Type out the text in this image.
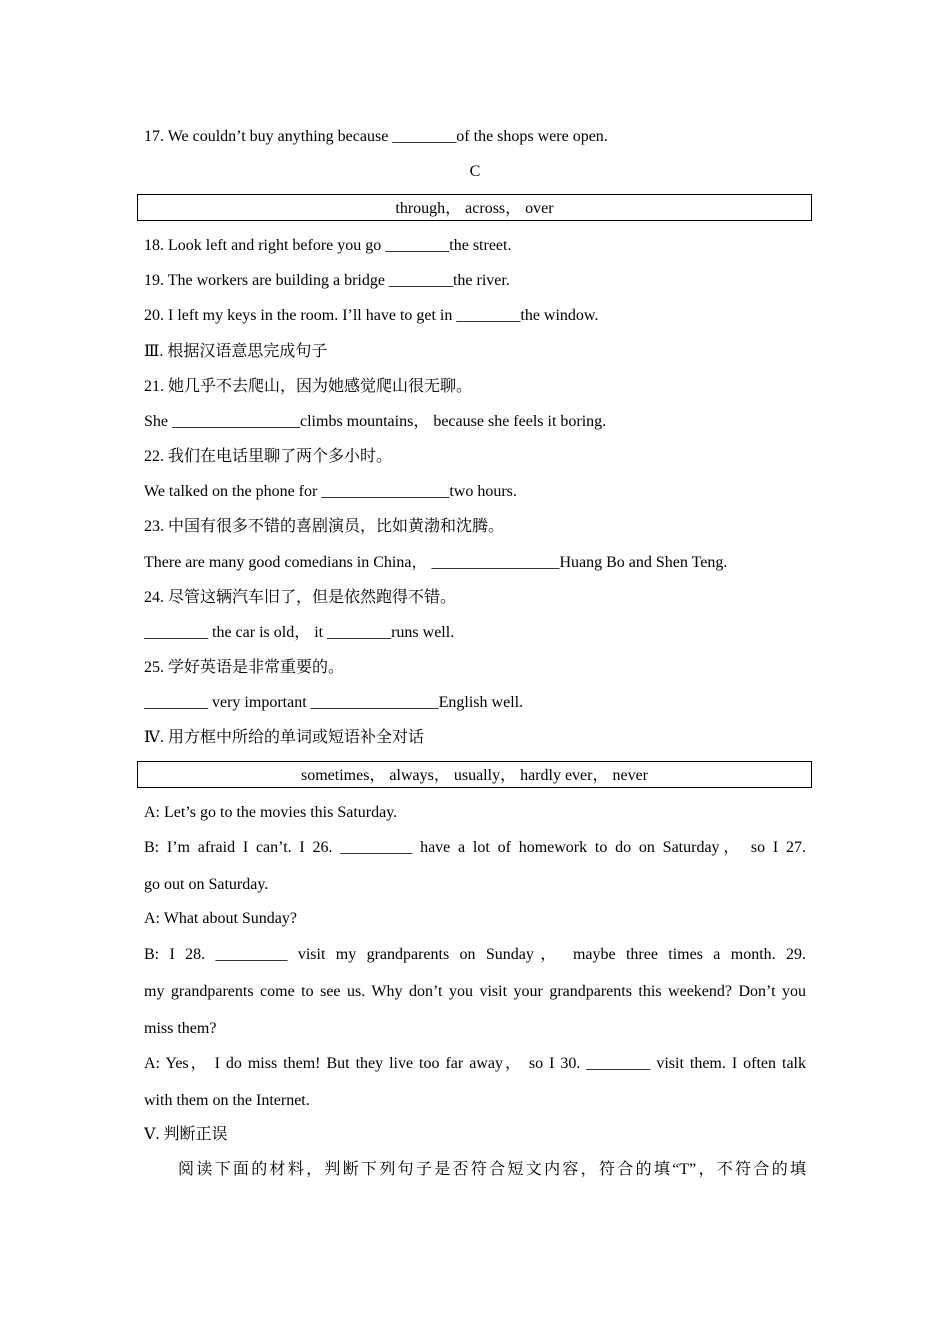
17. We couldn’t buy anything because ________of the shops were open.
C
through， across， over
18. Look left and right before you go ________the street.
19. The workers are building a bridge ________the river.
20. I left my keys in the room. I’ll have to get in ________the window.
Ⅲ. 根据汉语意思完成句子
21. 她几乎不去爬山，因为她感觉爬山很无聊。
She ________________climbs mountains， because she feels it boring.
22. 我们在电话里聊了两个多小时。
We talked on the phone for ________________two hours.
23. 中国有很多不错的喜剧演员，比如黄渤和沈腾。
There are many good comedians in China， ________________Huang Bo and Shen Teng.
24. 尽管这辆汽车旧了，但是依然跑得不错。
________ the car is old， it ________runs well.
25. 学好英语是非常重要的。
________ very important ________________English well.
Ⅳ. 用方框中所给的单词或短语补全对话
sometimes， always， usually， hardly ever， never
A: Let’s go to the movies this Saturday.
B: I’m afraid I can’t. I 26. _________ have a lot of homework to do on Saturday， so I 27.
go out on Saturday.
A: What about Sunday?
B: I 28. _________ visit my grandparents on Sunday， maybe three times a month. 29.
my grandparents come to see us. Why don’t you visit your grandparents this weekend? Don’t you
miss them?
A: Yes， I do miss them! But they live too far away， so I 30. ________ visit them. I often talk
with them on the Internet.
Ⅴ. 判断正误
阅读下面的材料，判断下列句子是否符合短文内容，符合的填“T”，不符合的填
